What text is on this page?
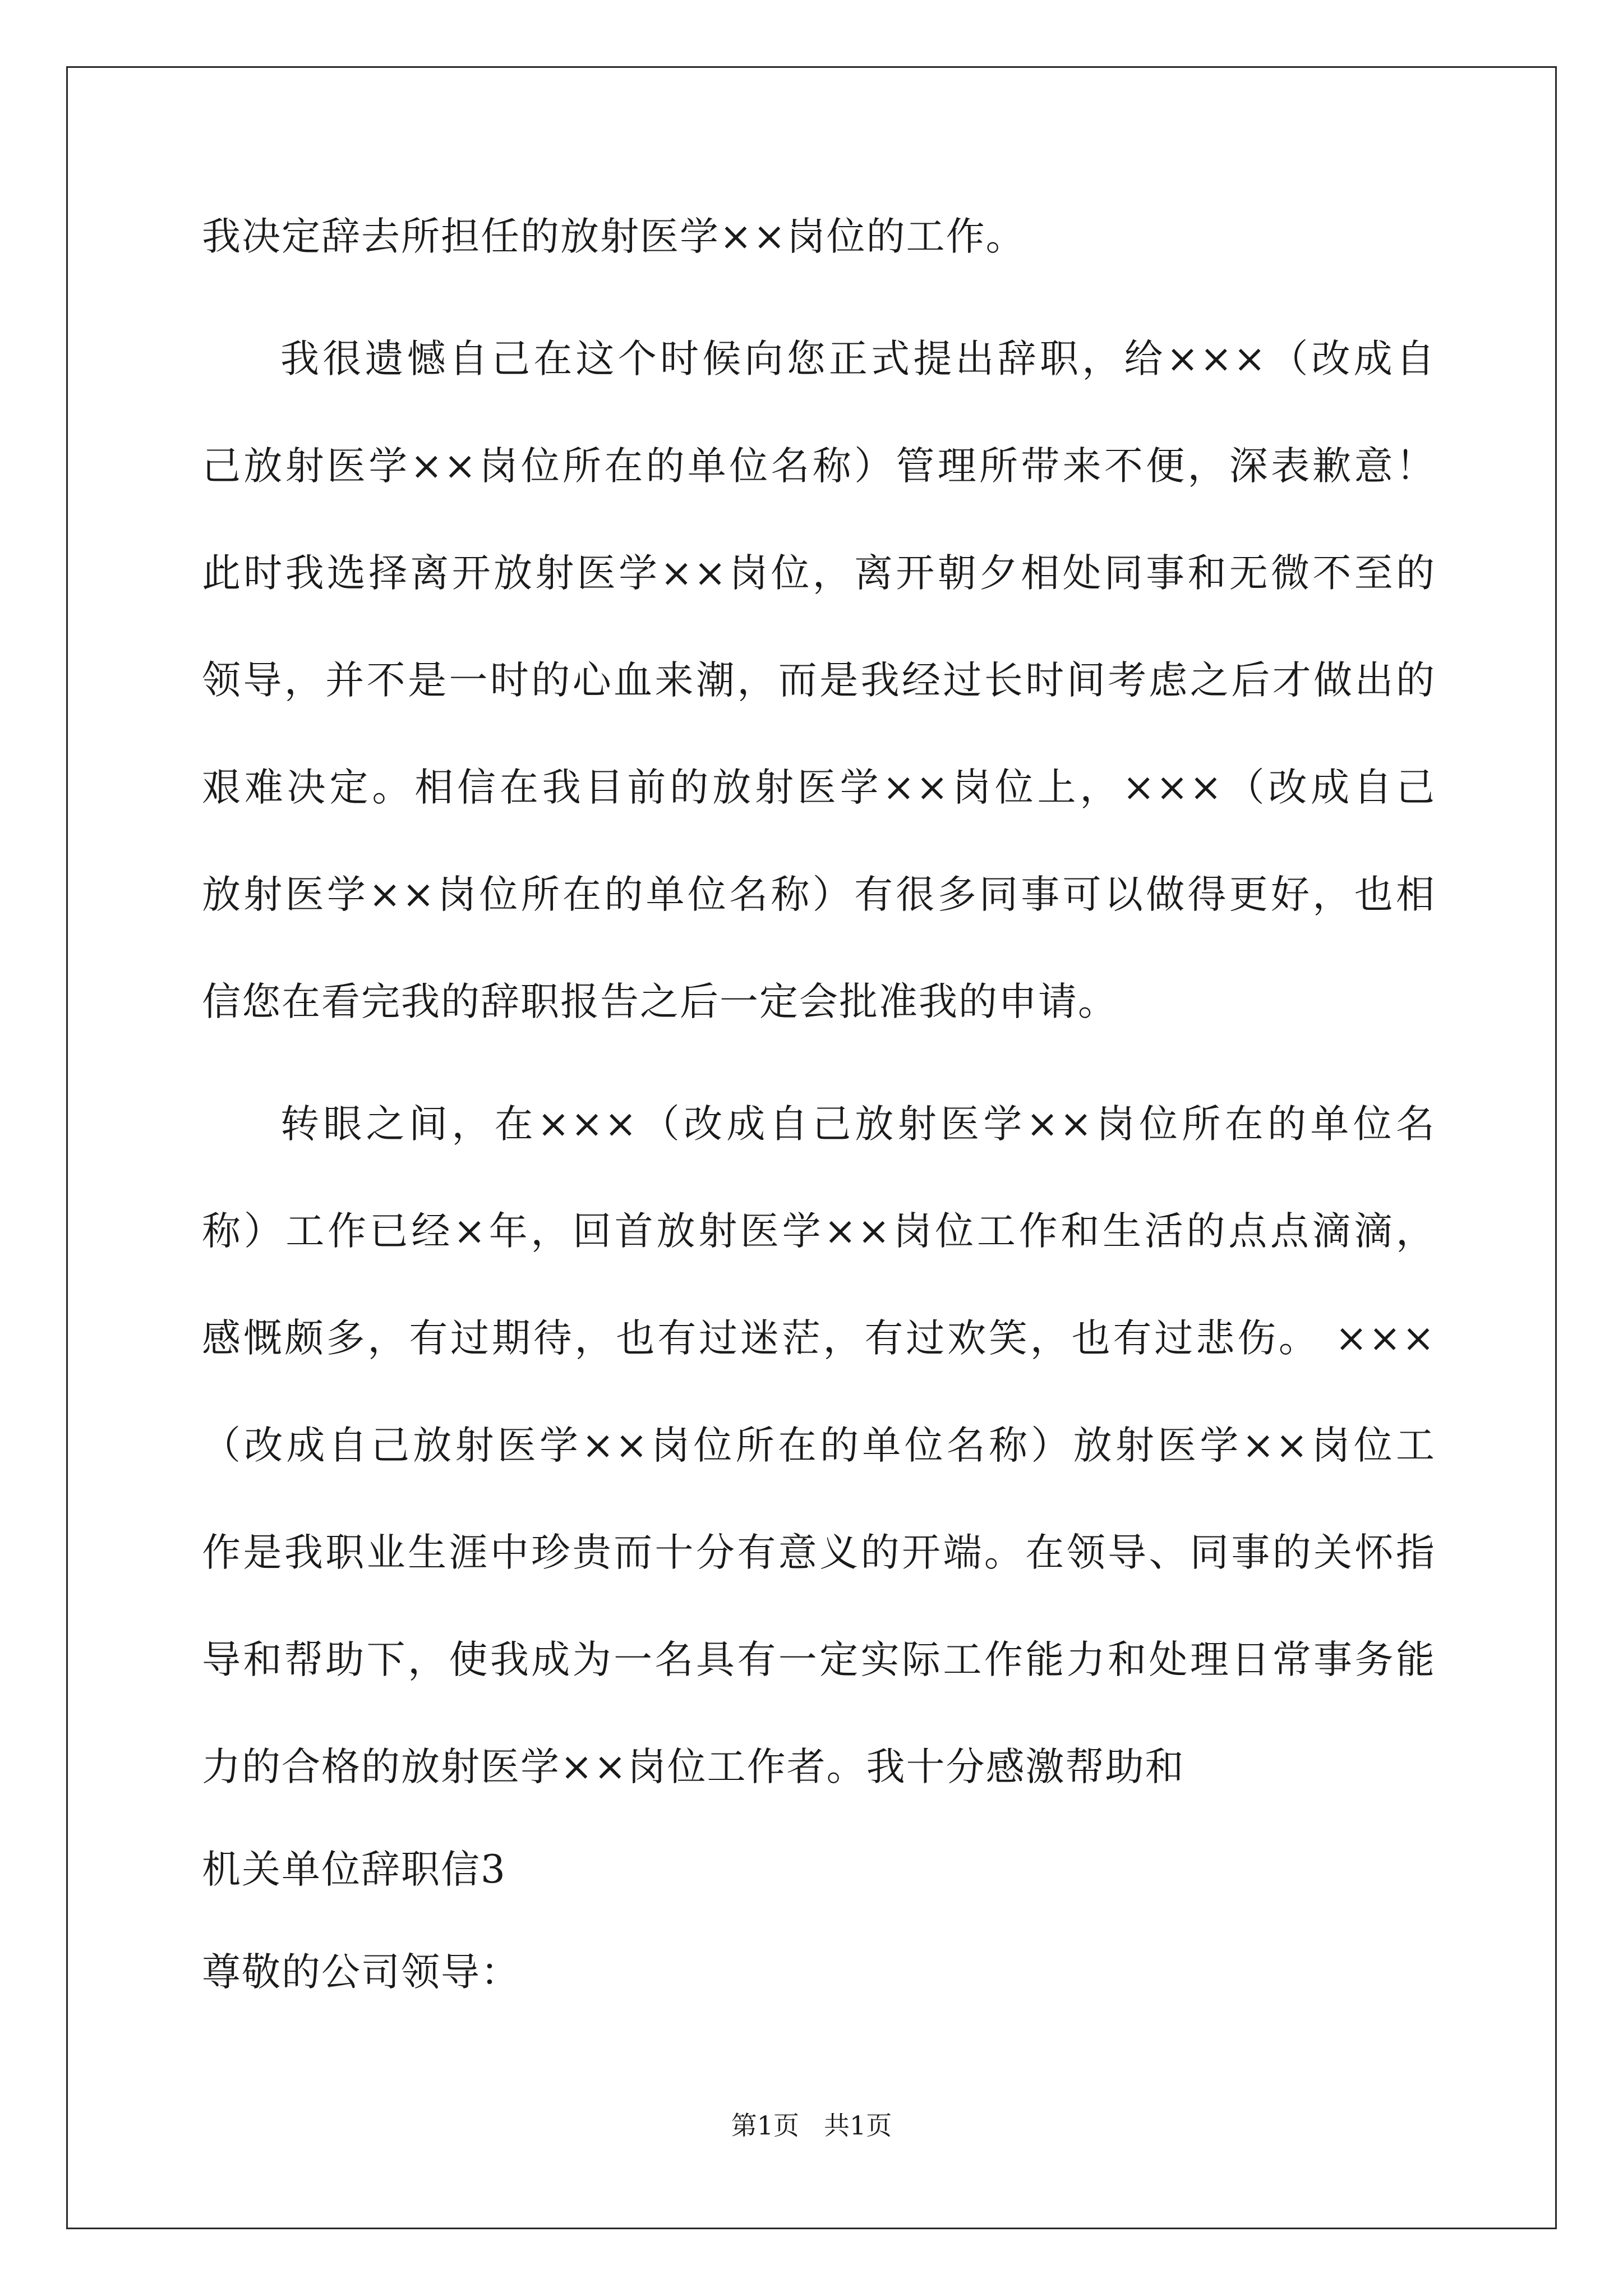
我决定辞去所担任的放射医学××岗位的工作。
我很遗憾自己在这个时候向您正式提出辞职，给×××（改成自
己放射医学××岗位所在的单位名称）管理所带来不便，深表歉意！
此时我选择离开放射医学××岗位，离开朝夕相处同事和无微不至的
领导，并不是一时的心血来潮，而是我经过长时间考虑之后才做出的
艰难决定。相信在我目前的放射医学××岗位上，×××（改成自己
放射医学××岗位所在的单位名称）有很多同事可以做得更好，也相
信您在看完我的辞职报告之后一定会批准我的申请。
转眼之间，在×××（改成自己放射医学××岗位所在的单位名
称）工作已经×年，回首放射医学××岗位工作和生活的点点滴滴，
感慨颇多，有过期待，也有过迷茫，有过欢笑，也有过悲伤。 ×××
（改成自己放射医学××岗位所在的单位名称）放射医学××岗位工
作是我职业生涯中珍贵而十分有意义的开端。在领导、同事的关怀指
导和帮助下，使我成为一名具有一定实际工作能力和处理日常事务能
力的合格的放射医学××岗位工作者。我十分感激帮助和
机关单位辞职信3
尊敬的公司领导：
第1页 共1页
